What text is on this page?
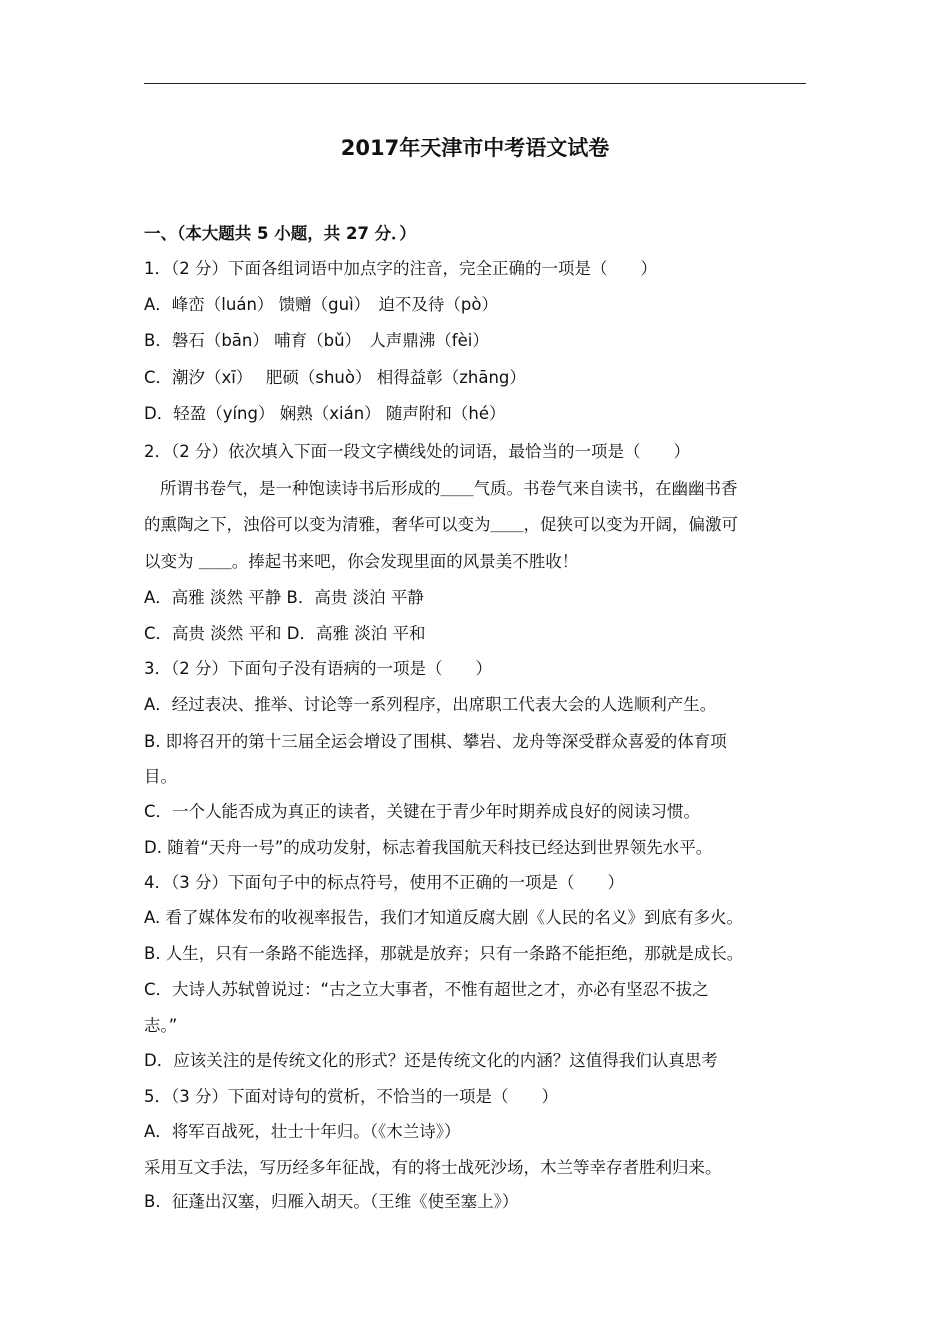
2017年天津市中考语文试卷
一、（本大题共 5 小题，共 27 分．）
1．（2 分）下面各组词语中加点字的注音，完全正确的一项是（　　）
A．峰峦（luán） 馈赠（guì）　迫不及待（pò）
B．磐石（bān） 哺育（bǔ）　人声鼎沸（fèi）
C．潮汐（xī）　 肥硕（shuò） 相得益彰（zhāng）
D．轻盈（yíng） 娴熟（xián） 随声附和（hé）
2．（2 分）依次填入下面一段文字横线处的词语，最恰当的一项是（　　）
所谓书卷气，是一种饱读诗书后形成的＿＿气质。书卷气来自读书，在幽幽书香
的熏陶之下，浊俗可以变为清雅，奢华可以变为＿＿，促狭可以变为开阔，偏激可
以变为 ＿＿。捧起书来吧，你会发现里面的风景美不胜收！
A．高雅 淡然 平静 B．高贵 淡泊 平静
C．高贵 淡然 平和 D．高雅 淡泊 平和
3．（2 分）下面句子没有语病的一项是（　　）
A．经过表决、推举、讨论等一系列程序，出席职工代表大会的人选顺利产生。
B. 即将召开的第十三届全运会增设了围棋、攀岩、龙舟等深受群众喜爱的体育项
目。
C．一个人能否成为真正的读者，关键在于青少年时期养成良好的阅读习惯。
D. 随着“天舟一号”的成功发射，标志着我国航天科技已经达到世界领先水平。
4．（3 分）下面句子中的标点符号，使用不正确的一项是（　　）
A. 看了媒体发布的收视率报告，我们才知道反腐大剧《人民的名义》到底有多火。
B. 人生，只有一条路不能选择，那就是放弃；只有一条路不能拒绝，那就是成长。
C．大诗人苏轼曾说过：“古之立大事者，不惟有超世之才，亦必有坚忍不拔之
志。”
D．应该关注的是传统文化的形式？还是传统文化的内涵？这值得我们认真思考
5．（3 分）下面对诗句的赏析，不恰当的一项是（　　）
A．将军百战死，壮士十年归。（《木兰诗》）
采用互文手法，写历经多年征战，有的将士战死沙场，木兰等幸存者胜利归来。
B．征蓬出汉塞，归雁入胡天。（王维《使至塞上》）
